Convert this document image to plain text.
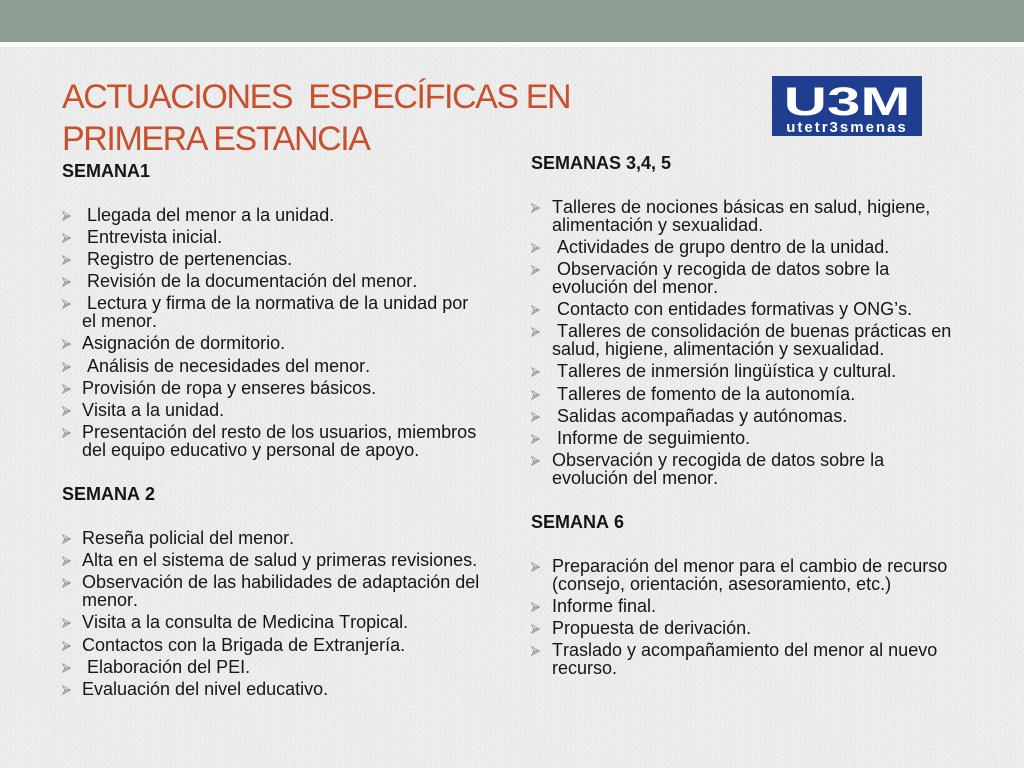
ACTUACIONES  ESPECÍFICAS EN PRIMERA ESTANCIA
U3M
utetr3smenas

SEMANA1

Llegada del menor a la unidad.
Entrevista inicial.
Registro de pertenencias.
Revisión de la documentación del menor.
Lectura y firma de la normativa de la unidad por el menor.
Asignación de dormitorio.
Análisis de necesidades del menor.
Provisión de ropa y enseres básicos.
Visita a la unidad.
Presentación del resto de los usuarios, miembros del equipo educativo y personal de apoyo.

SEMANA 2

Reseña policial del menor.
Alta en el sistema de salud y primeras revisiones.
Observación de las habilidades de adaptación del menor.
Visita a la consulta de Medicina Tropical.
Contactos con la Brigada de Extranjería.
Elaboración del PEI.
Evaluación del nivel educativo.

SEMANAS 3,4, 5

Talleres de nociones básicas en salud, higiene, alimentación y sexualidad.
Actividades de grupo dentro de la unidad.
Observación y recogida de datos sobre la evolución del menor.
Contacto con entidades formativas y ONG’s.
Talleres de consolidación de buenas prácticas en salud, higiene, alimentación y sexualidad.
Talleres de inmersión lingüística y cultural.
Talleres de fomento de la autonomía.
Salidas acompañadas y autónomas.
Informe de seguimiento.
Observación y recogida de datos sobre la evolución del menor.

SEMANA 6

Preparación del menor para el cambio de recurso (consejo, orientación, asesoramiento, etc.)
Informe final.
Propuesta de derivación.
Traslado y acompañamiento del menor al nuevo recurso.
